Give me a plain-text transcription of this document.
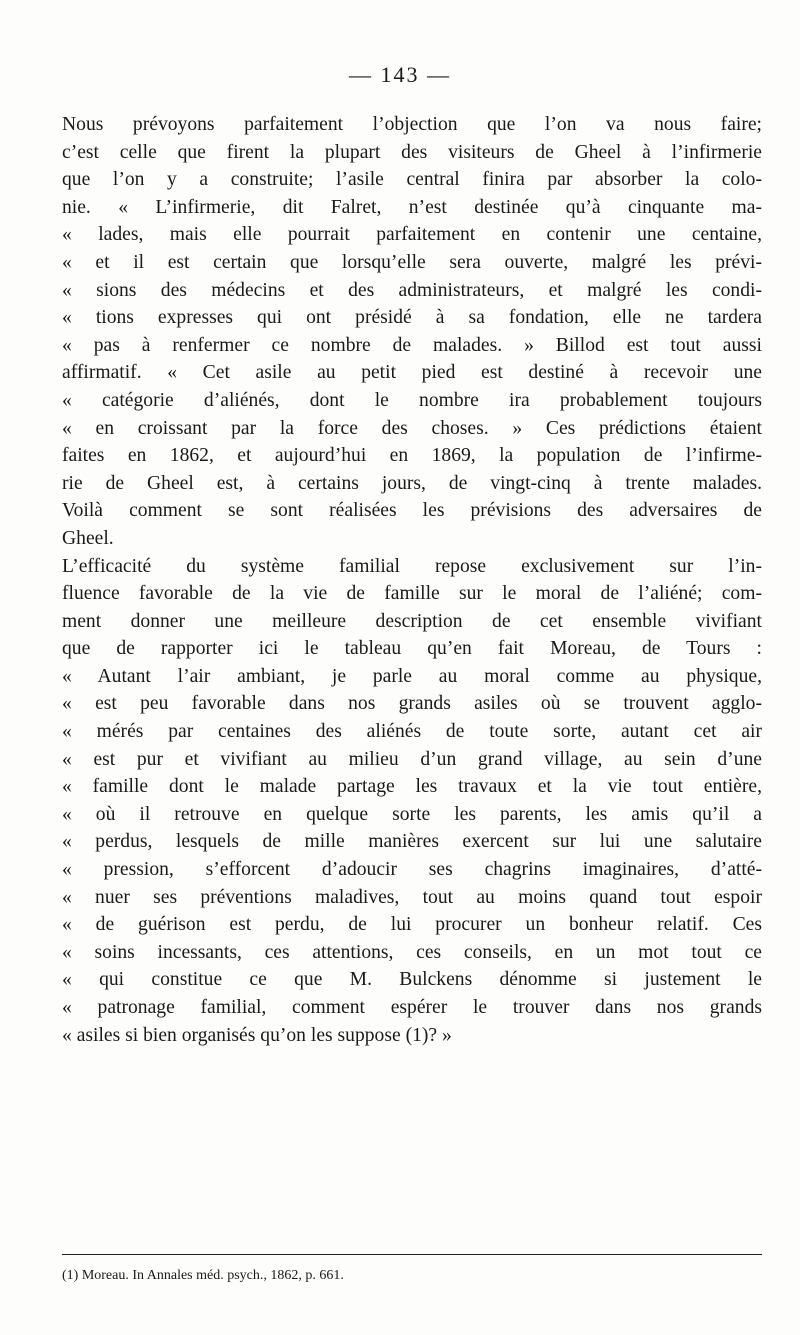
— 143 —

Nous prévoyons parfaitement l’objection que l’on va nous faire;
c’est celle que firent la plupart des visiteurs de Gheel à l’infirmerie
que l’on y a construite; l’asile central finira par absorber la colo-
nie. « L’infirmerie, dit Falret, n’est destinée qu’à cinquante ma-
« lades, mais elle pourrait parfaitement en contenir une centaine,
« et il est certain que lorsqu’elle sera ouverte, malgré les prévi-
« sions des médecins et des administrateurs, et malgré les condi-
« tions expresses qui ont présidé à sa fondation, elle ne tardera
« pas à renfermer ce nombre de malades. » Billod est tout aussi
affirmatif. « Cet asile au petit pied est destiné à recevoir une
« catégorie d’aliénés, dont le nombre ira probablement toujours
« en croissant par la force des choses. » Ces prédictions étaient
faites en 1862, et aujourd’hui en 1869, la population de l’infirme-
rie de Gheel est, à certains jours, de vingt-cinq à trente malades.
Voilà comment se sont réalisées les prévisions des adversaires de
Gheel.

L’efficacité du système familial repose exclusivement sur l’in-
fluence favorable de la vie de famille sur le moral de l’aliéné; com-
ment donner une meilleure description de cet ensemble vivifiant
que de rapporter ici le tableau qu’en fait Moreau, de Tours :
« Autant l’air ambiant, je parle au moral comme au physique,
« est peu favorable dans nos grands asiles où se trouvent agglo-
« mérés par centaines des aliénés de toute sorte, autant cet air
« est pur et vivifiant au milieu d’un grand village, au sein d’une
« famille dont le malade partage les travaux et la vie tout entière,
« où il retrouve en quelque sorte les parents, les amis qu’il a
« perdus, lesquels de mille manières exercent sur lui une salutaire
« pression, s’efforcent d’adoucir ses chagrins imaginaires, d’atté-
« nuer ses préventions maladives, tout au moins quand tout espoir
« de guérison est perdu, de lui procurer un bonheur relatif. Ces
« soins incessants, ces attentions, ces conseils, en un mot tout ce
« qui constitue ce que M. Bulckens dénomme si justement le
« patronage familial, comment espérer le trouver dans nos grands
« asiles si bien organisés qu’on les suppose (1)? »

(1) Moreau. In Annales méd. psych., 1862, p. 661.
